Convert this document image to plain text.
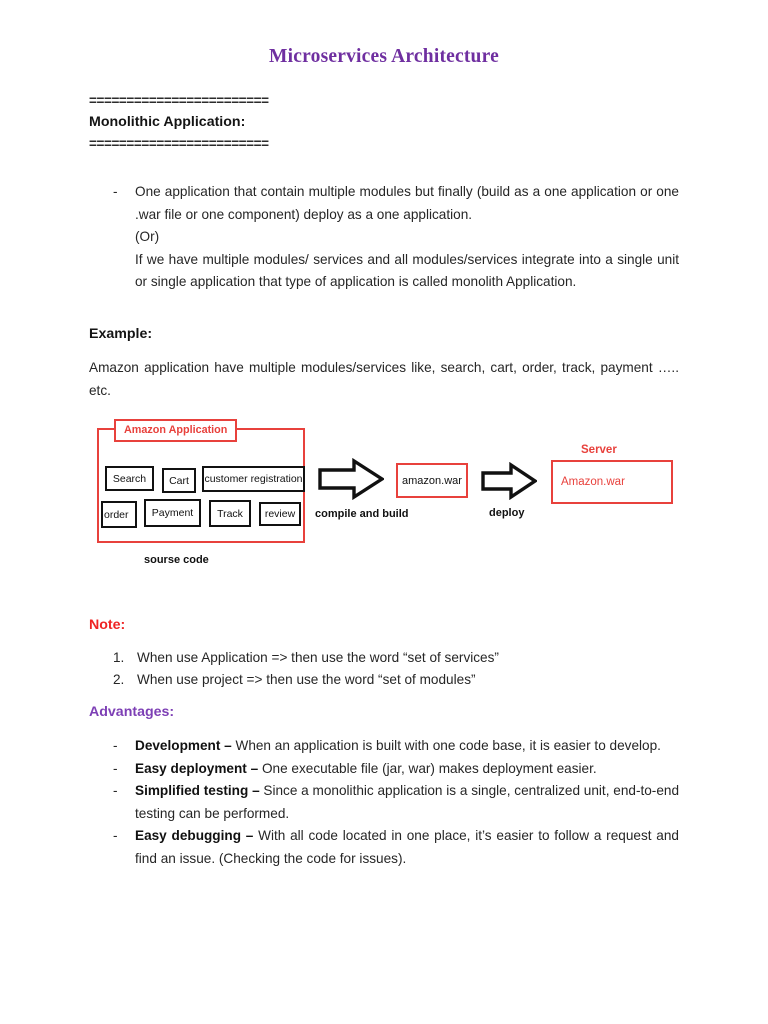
Microservices Architecture
========================
Monolithic Application:
========================
- One application that contain multiple modules but finally (build as a one application or one .war file or one component) deploy as a one application.
(Or)
If we have multiple modules/ services and all modules/services integrate into a single unit or single application that type of application is called monolith Application.
Example:
Amazon application have multiple modules/services like, search, cart, order, track, payment ….. etc.
Amazon Application
Search	Cart	customer registration
order	Payment	Track	review
sourse code
compile and build
amazon.war
deploy
Server
Amazon.war
Note:
1. When use Application => then use the word “set of services”
2. When use project => then use the word “set of modules”
Advantages:
- Development – When an application is built with one code base, it is easier to develop.
- Easy deployment – One executable file (jar, war) makes deployment easier.
- Simplified testing – Since a monolithic application is a single, centralized unit, end-to-end testing can be performed.
- Easy debugging – With all code located in one place, it’s easier to follow a request and find an issue. (Checking the code for issues).
